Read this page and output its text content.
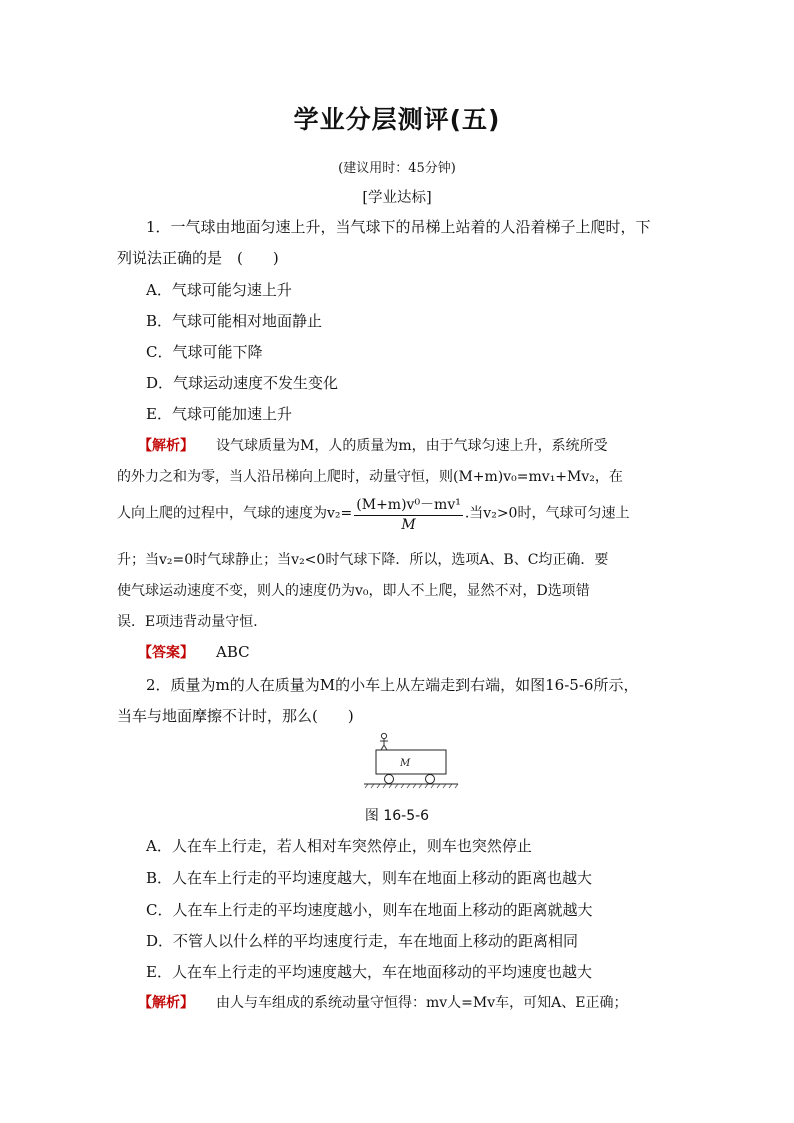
学业分层测评(五)
(建议用时：45分钟)
[学业达标]
1．一气球由地面匀速上升，当气球下的吊梯上站着的人沿着梯子上爬时，下
列说法正确的是　(　　)
A．气球可能匀速上升
B．气球可能相对地面静止
C．气球可能下降
D．气球运动速度不发生变化
E．气球可能加速上升
【解析】 设气球质量为M，人的质量为m，由于气球匀速上升，系统所受
的外力之和为零，当人沿吊梯向上爬时，动量守恒，则(M+m)v₀=mv₁+Mv₂，在
人向上爬的过程中，气球的速度为$v_2= \frac{\text{(M+m)v⁰－mv¹}}{M}$ .当v₂>0时，气球可匀速上
升；当v₂=0时气球静止；当v₂<0时气球下降．所以，选项A、B、C均正确．要
使气球运动速度不变，则人的速度仍为v₀，即人不上爬，显然不对，D选项错
误．E项违背动量守恒．
【答案】 ABC
2．质量为m的人在质量为M的小车上从左端走到右端，如图16-5-6所示，
当车与地面摩擦不计时，那么(　　)
M
图 16-5-6
A．人在车上行走，若人相对车突然停止，则车也突然停止
B．人在车上行走的平均速度越大，则车在地面上移动的距离也越大
C．人在车上行走的平均速度越小，则车在地面上移动的距离就越大
D．不管人以什么样的平均速度行走，车在地面上移动的距离相同
E．人在车上行走的平均速度越大，车在地面移动的平均速度也越大
【解析】 由人与车组成的系统动量守恒得：mv人=Mv车，可知A、E正确；
